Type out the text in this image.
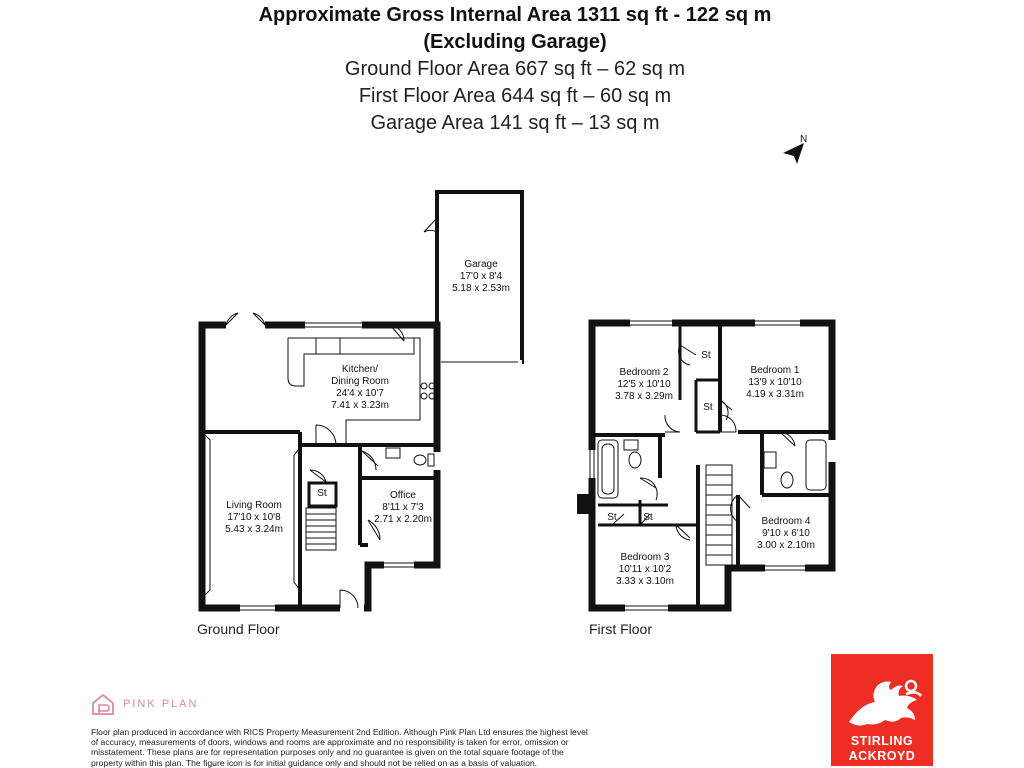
Approximate Gross Internal Area 1311 sq ft - 122 sq m
(Excluding Garage)
Ground Floor Area 667 sq ft – 62 sq m
First Floor Area 644 sq ft – 60 sq m
Garage Area 141 sq ft – 13 sq m
N
Garage
17'0 x 8'4
5.18 x 2.53m
Kitchen/
Dining Room
24'4 x 10'7
7.41 x 3.23m
Living Room
17'10 x 10'8
5.43 x 3.24m
Office
8'11 x 7'3
2.71 x 2.20m
St
Bedroom 2
12'5 x 10'10
3.78 x 3.29m
Bedroom 1
13'9 x 10'10
4.19 x 3.31m
Bedroom 3
10'11 x 10'2
3.33 x 3.10m
Bedroom 4
9'10 x 6'10
3.00 x 2.10m
St
St
St	St
Ground Floor	First Floor
PINK PLAN
Floor plan produced in accordance with RICS Property Measurement 2nd Edition. Although Pink Plan Ltd ensures the highest level of accuracy, measurements of doors, windows and rooms are approximate and no responsibility is taken for error, omission or misstatement. These plans are for representation purposes only and no guarantee is given on the total square footage of the property within this plan. The figure icon is for initial guidance only and should not be relied on as a basis of valuation.
STIRLING
ACKROYD
